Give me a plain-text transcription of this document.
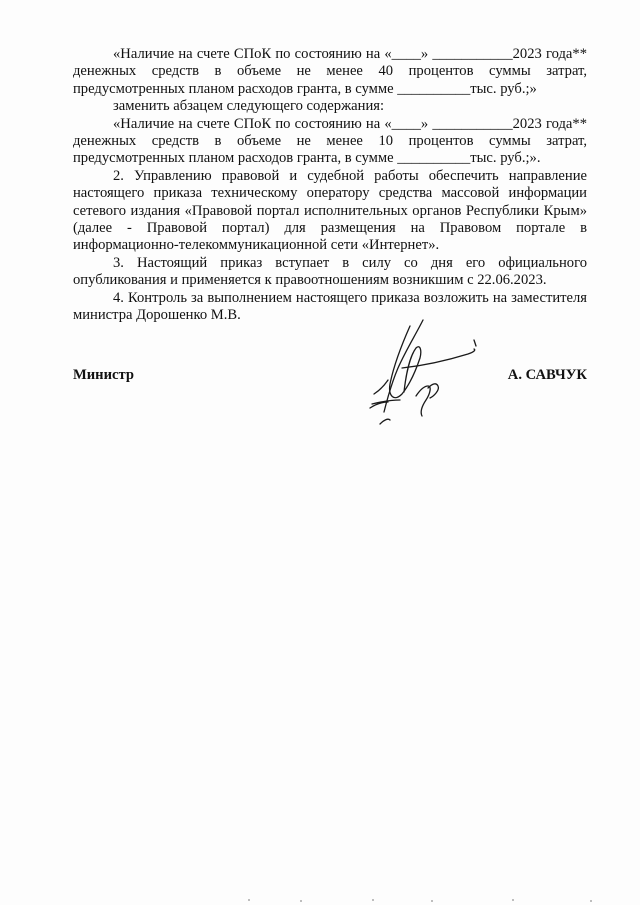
«Наличие на счете СПоК по состоянию на «____» ___________2023 года** денежных средств в объеме не менее 40 процентов суммы затрат, предусмотренных планом расходов гранта, в сумме __________тыс. руб.;»

заменить абзацем следующего содержания:

«Наличие на счете СПоК по состоянию на «____» ___________2023 года** денежных средств в объеме не менее 10 процентов суммы затрат, предусмотренных планом расходов гранта, в сумме __________тыс. руб.;».

2. Управлению правовой и судебной работы обеспечить направление настоящего приказа техническому оператору средства массовой информации сетевого издания «Правовой портал исполнительных органов Республики Крым» (далее - Правовой портал) для размещения на Правовом портале в информационно-телекоммуникационной сети «Интернет».

3. Настоящий приказ вступает в силу со дня его официального опубликования и применяется к правоотношениям возникшим с 22.06.2023.

4. Контроль за выполнением настоящего приказа возложить на заместителя министра Дорошенко М.В.

Министр	А. САВЧУК
